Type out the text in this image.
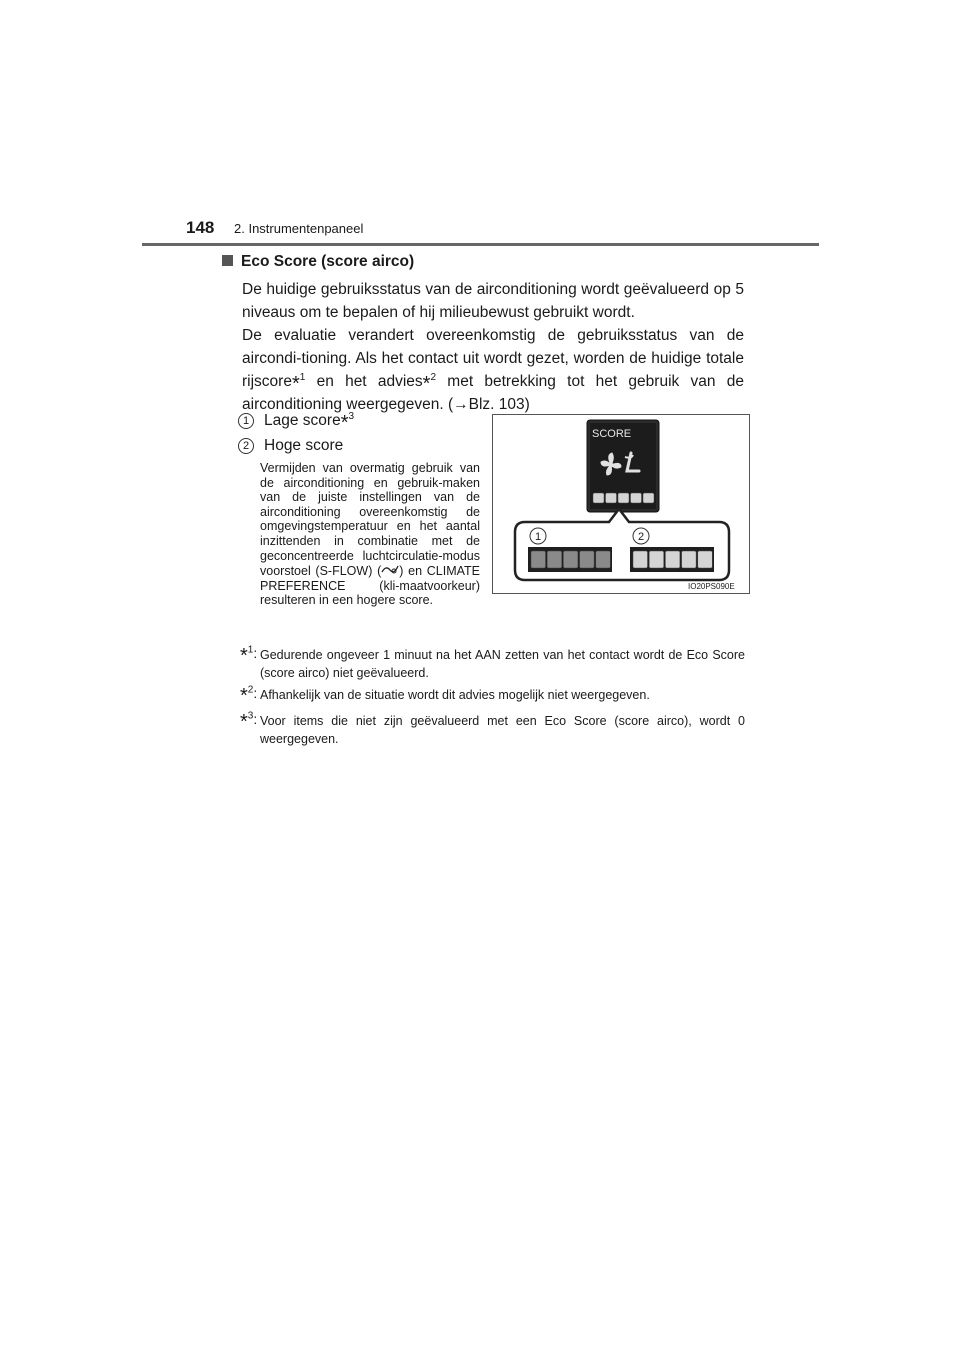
148 2. Instrumentenpaneel
Eco Score (score airco)
De huidige gebruiksstatus van de airconditioning wordt geëvalueerd op 5 niveaus om te bepalen of hij milieubewust gebruikt wordt.
De evaluatie verandert overeenkomstig de gebruiksstatus van de aircondi-tioning. Als het contact uit wordt gezet, worden de huidige totale rijscore*$^1$ en het advies*$^2$ met betrekking tot het gebruik van de airconditioning weergegeven. (→Blz. 103)
1 Lage score*$^3$
2 Hoge score
Vermijden van overmatig gebruik van de airconditioning en gebruik-maken van de juiste instellingen van de airconditioning overeenkomstig de omgevingstemperatuur en het aantal inzittenden in combinatie met de geconcentreerde luchtcirculatie-modus voorstoel (S-FLOW) ( ) en CLIMATE PREFERENCE (kli-maatvoorkeur) resulteren in een hogere score.
SCORE
1	2
IO20PS090E
*$^1$: Gedurende ongeveer 1 minuut na het AAN zetten van het contact wordt de Eco Score (score airco) niet geëvalueerd.
*$^2$: Afhankelijk van de situatie wordt dit advies mogelijk niet weergegeven.
*$^3$: Voor items die niet zijn geëvalueerd met een Eco Score (score airco), wordt 0 weergegeven.
